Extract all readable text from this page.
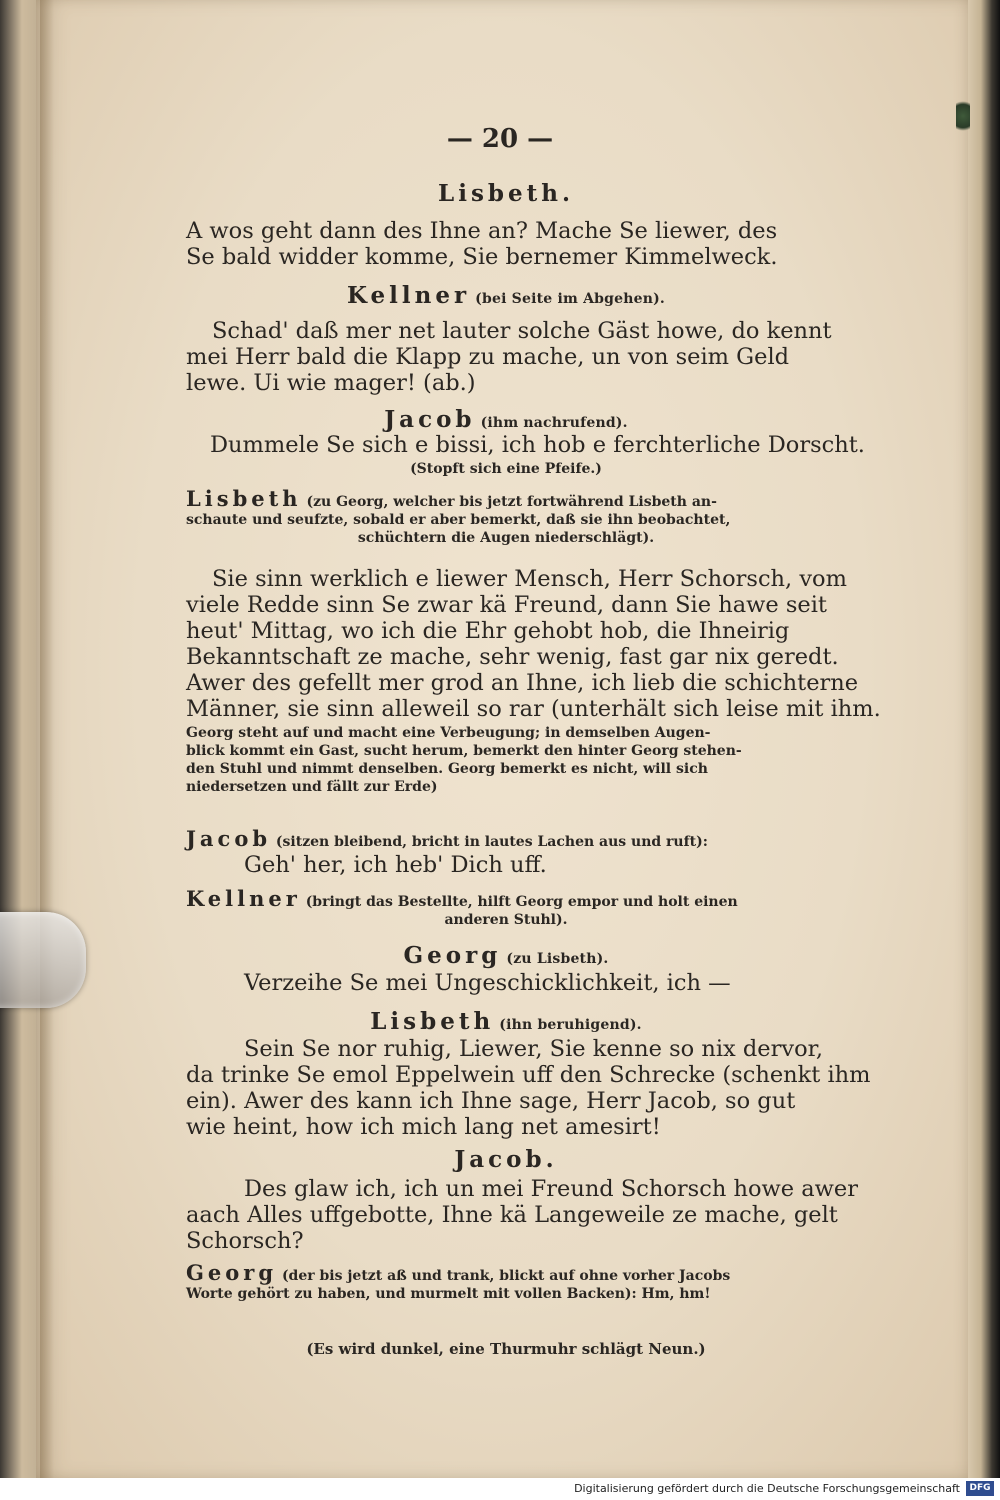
— 20 —
Lisbeth.
A wos geht dann des Ihne an? Mache Se liewer, des
Se bald widder komme, Sie bernemer Kimmelweck.
Kellner (bei Seite im Abgehen).
Schad' daß mer net lauter solche Gäst howe, do kennt
mei Herr bald die Klapp zu mache, un von seim Geld
lewe. Ui wie mager! (ab.)
Jacob (ihm nachrufend).
Dummele Se sich e bissi, ich hob e ferchterliche Dorscht.
(Stopft sich eine Pfeife.)
Lisbeth (zu Georg, welcher bis jetzt fortwährend Lisbeth an-
schaute und seufzte, sobald er aber bemerkt, daß sie ihn beobachtet,
schüchtern die Augen niederschlägt).
Sie sinn werklich e liewer Mensch, Herr Schorsch, vom
viele Redde sinn Se zwar kä Freund, dann Sie hawe seit
heut' Mittag, wo ich die Ehr gehobt hob, die Ihneirig
Bekanntschaft ze mache, sehr wenig, fast gar nix geredt.
Awer des gefellt mer grod an Ihne, ich lieb die schichterne
Männer, sie sinn alleweil so rar (unterhält sich leise mit ihm.
Georg steht auf und macht eine Verbeugung; in demselben Augen-
blick kommt ein Gast, sucht herum, bemerkt den hinter Georg stehen-
den Stuhl und nimmt denselben. Georg bemerkt es nicht, will sich
niedersetzen und fällt zur Erde)
Jacob (sitzen bleibend, bricht in lautes Lachen aus und ruft):
Geh' her, ich heb' Dich uff.
Kellner (bringt das Bestellte, hilft Georg empor und holt einen
anderen Stuhl).
Georg (zu Lisbeth).
Verzeihe Se mei Ungeschicklichkeit, ich —
Lisbeth (ihn beruhigend).
Sein Se nor ruhig, Liewer, Sie kenne so nix dervor,
da trinke Se emol Eppelwein uff den Schrecke (schenkt ihm
ein). Awer des kann ich Ihne sage, Herr Jacob, so gut
wie heint, how ich mich lang net amesirt!
Jacob.
Des glaw ich, ich un mei Freund Schorsch howe awer
aach Alles uffgebotte, Ihne kä Langeweile ze mache, gelt
Schorsch?
Georg (der bis jetzt aß und trank, blickt auf ohne vorher Jacobs
Worte gehört zu haben, und murmelt mit vollen Backen): Hm, hm!
(Es wird dunkel, eine Thurmuhr schlägt Neun.)
Digitalisierung gefördert durch die Deutsche Forschungsgemeinschaft	DFG
